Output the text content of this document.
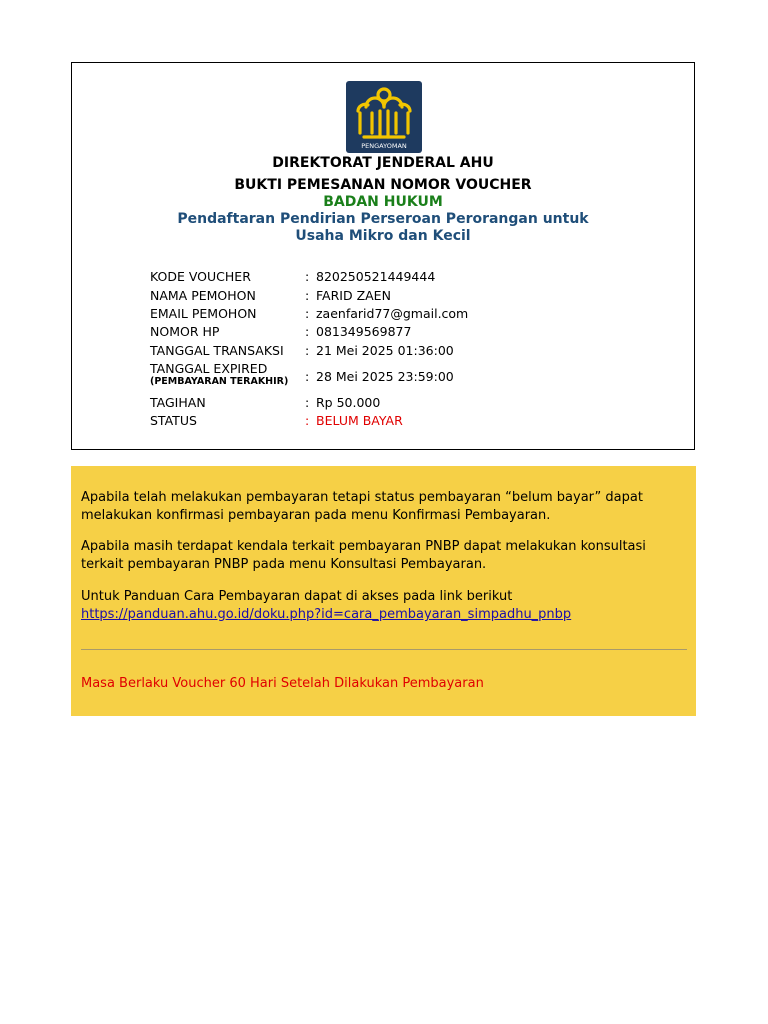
PENGAYOMAN
DIREKTORAT JENDERAL AHU
BUKTI PEMESANAN NOMOR VOUCHER
BADAN HUKUM
Pendaftaran Pendirian Perseroan Perorangan untuk
Usaha Mikro dan Kecil
KODE VOUCHER	: 820250521449444
NAMA PEMOHON	: FARID ZAEN
EMAIL PEMOHON	: zaenfarid77@gmail.com
NOMOR HP	: 081349569877
TANGGAL TRANSAKSI : 21 Mei 2025 01:36:00
TANGGAL EXPIRED
(PEMBAYARAN TERAKHIR) : 28 Mei 2025 23:59:00
TAGIHAN	: Rp 50.000
STATUS	: BELUM BAYAR

Apabila telah melakukan pembayaran tetapi status pembayaran “belum bayar” dapat melakukan konfirmasi pembayaran pada menu Konfirmasi Pembayaran.

Apabila masih terdapat kendala terkait pembayaran PNBP dapat melakukan konsultasi terkait pembayaran PNBP pada menu Konsultasi Pembayaran.

Untuk Panduan Cara Pembayaran dapat di akses pada link berikut
https://panduan.ahu.go.id/doku.php?id=cara_pembayaran_simpadhu_pnbp

Masa Berlaku Voucher 60 Hari Setelah Dilakukan Pembayaran
